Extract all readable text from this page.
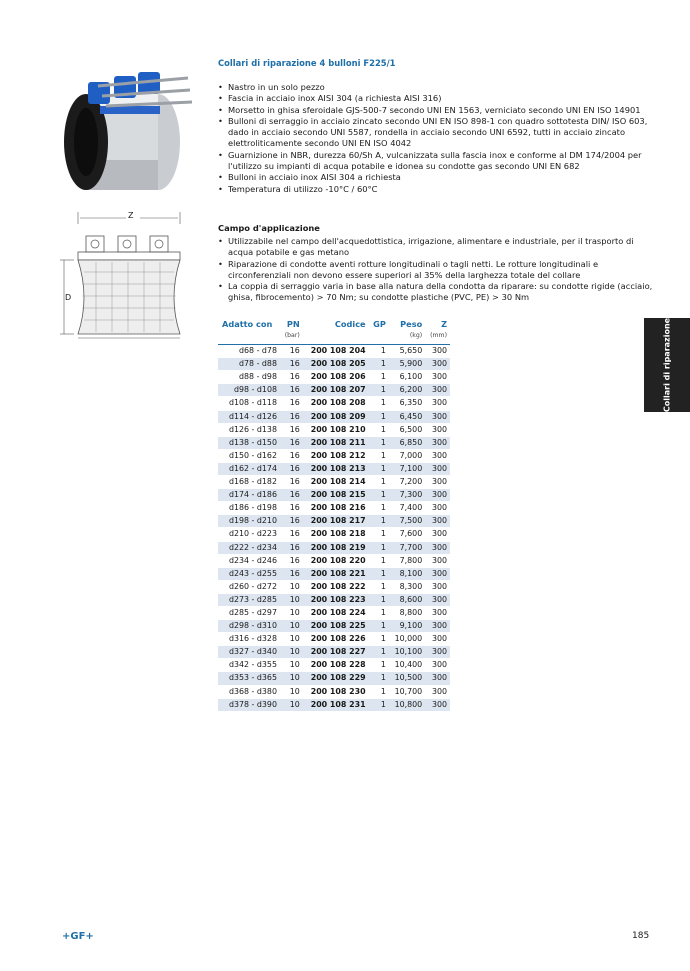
Z
D
Collari di riparazione 4 bulloni F225/1
• Nastro in un solo pezzo
• Fascia in acciaio inox AISI 304 (a richiesta AISI 316)
• Morsetto in ghisa sferoidale GJS-500-7 secondo UNI EN 1563, verniciato secondo UNI EN ISO 14901
• Bulloni di serraggio in acciaio zincato secondo UNI EN ISO 898-1 con quadro sottotesta DIN/ ISO 603, dado in acciaio secondo UNI 5587, rondella in acciaio secondo UNI 6592, tutti in acciaio zincato elettroliticamente secondo UNI EN ISO 4042
• Guarnizione in NBR, durezza 60/Sh A, vulcanizzata sulla fascia inox e conforme al DM 174/2004 per l'utilizzo su impianti di acqua potabile e idonea su condotte gas secondo UNI EN 682
• Bulloni in acciaio inox AISI 304 a richiesta
• Temperatura di utilizzo -10°C / 60°C
Campo d'applicazione
• Utilizzabile nel campo dell'acquedottistica, irrigazione, alimentare e industriale, per il trasporto di acqua potabile e gas metano
• Riparazione di condotte aventi rotture longitudinali o tagli netti. Le rotture longitudinali e circonferenziali non devono essere superiori al 35% della larghezza totale del collare
• La coppia di serraggio varia in base alla natura della condotta da riparare: su condotte rigide (acciaio, ghisa, fibrocemento) > 70 Nm; su condotte plastiche (PVC, PE) > 30 Nm
Adatto con	PN	Codice	GP	Peso	Z
	(bar)			(kg)	(mm)
d68 - d78	16	200 108 204	1	5,650	300
d78 - d88	16	200 108 205	1	5,900	300
d88 - d98	16	200 108 206	1	6,100	300
d98 - d108	16	200 108 207	1	6,200	300
d108 - d118	16	200 108 208	1	6,350	300
d114 - d126	16	200 108 209	1	6,450	300
d126 - d138	16	200 108 210	1	6,500	300
d138 - d150	16	200 108 211	1	6,850	300
d150 - d162	16	200 108 212	1	7,000	300
d162 - d174	16	200 108 213	1	7,100	300
d168 - d182	16	200 108 214	1	7,200	300
d174 - d186	16	200 108 215	1	7,300	300
d186 - d198	16	200 108 216	1	7,400	300
d198 - d210	16	200 108 217	1	7,500	300
d210 - d223	16	200 108 218	1	7,600	300
d222 - d234	16	200 108 219	1	7,700	300
d234 - d246	16	200 108 220	1	7,800	300
d243 - d255	16	200 108 221	1	8,100	300
d260 - d272	10	200 108 222	1	8,300	300
d273 - d285	10	200 108 223	1	8,600	300
d285 - d297	10	200 108 224	1	8,800	300
d298 - d310	10	200 108 225	1	9,100	300
d316 - d328	10	200 108 226	1	10,000	300
d327 - d340	10	200 108 227	1	10,100	300
d342 - d355	10	200 108 228	1	10,400	300
d353 - d365	10	200 108 229	1	10,500	300
d368 - d380	10	200 108 230	1	10,700	300
d378 - d390	10	200 108 231	1	10,800	300
Collari di riparazione
+GF+	185
